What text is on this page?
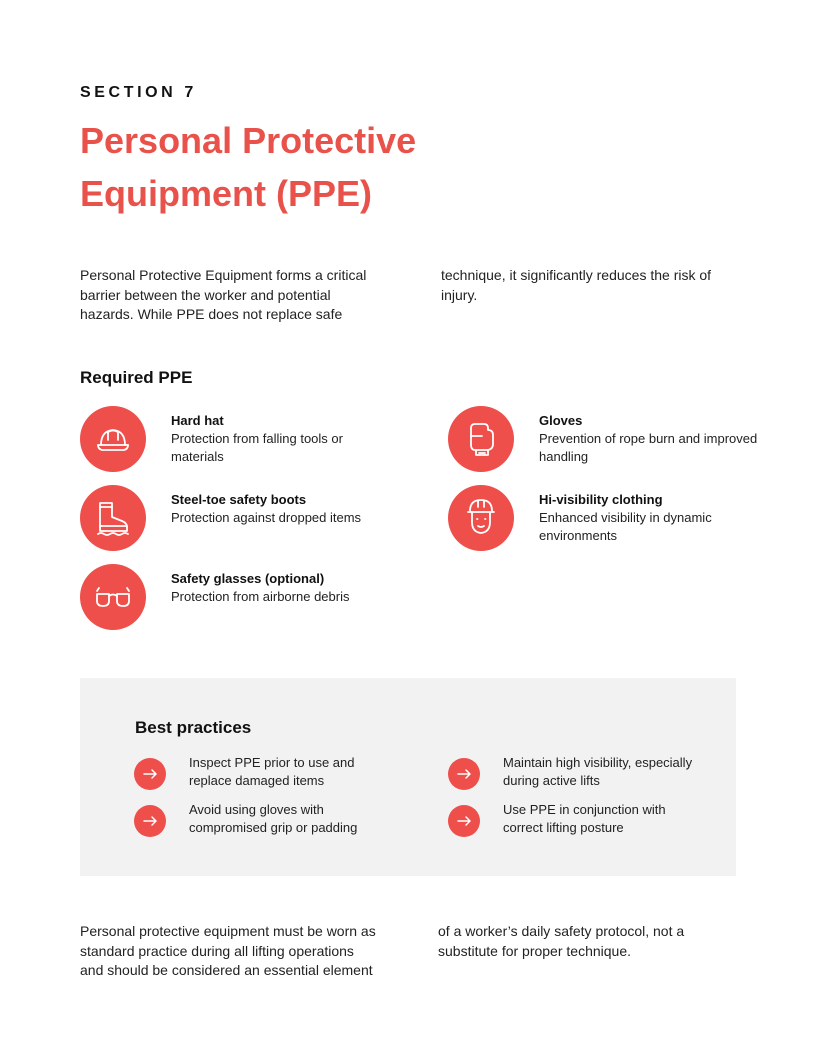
SECTION 7
Personal Protective Equipment (PPE)

Personal Protective Equipment forms a critical barrier between the worker and potential hazards. While PPE does not replace safe technique, it significantly reduces the risk of injury.

Required PPE
Hard hat
Protection from falling tools or materials
Gloves
Prevention of rope burn and improved handling
Steel-toe safety boots
Protection against dropped items
Hi-visibility clothing
Enhanced visibility in dynamic environments
Safety glasses (optional)
Protection from airborne debris
Best practices
Inspect PPE prior to use and replace damaged items
Maintain high visibility, especially during active lifts
Avoid using gloves with compromised grip or padding
Use PPE in conjunction with correct lifting posture

Personal protective equipment must be worn as standard practice during all lifting operations and should be considered an essential element of a worker’s daily safety protocol, not a substitute for proper technique.
